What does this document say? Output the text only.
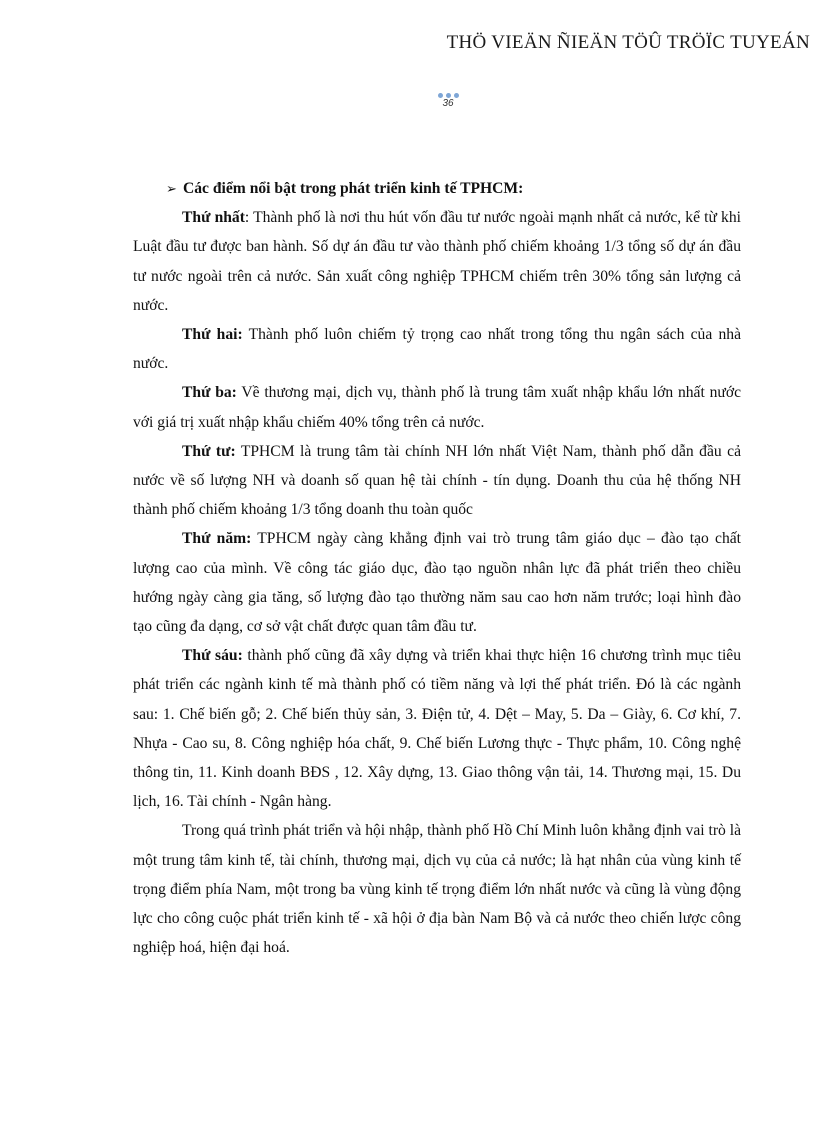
THÖ VIEÄN ÑIEÄN TÖÛ TRÖÏC TUYEÁN
36

➢ Các điểm nổi bật trong phát triển kinh tế TPHCM:

Thứ nhất: Thành phố là nơi thu hút vốn đầu tư nước ngoài mạnh nhất cả nước, kể từ khi Luật đầu tư được ban hành. Số dự án đầu tư vào thành phố chiếm khoảng 1/3 tổng số dự án đầu tư nước ngoài trên cả nước. Sản xuất công nghiệp TPHCM chiếm trên 30% tổng sản lượng cả nước.

Thứ hai: Thành phố luôn chiếm tỷ trọng cao nhất trong tổng thu ngân sách của nhà nước.

Thứ ba: Về thương mại, dịch vụ, thành phố là trung tâm xuất nhập khẩu lớn nhất nước với giá trị xuất nhập khẩu chiếm 40% tổng trên cả nước.

Thứ tư: TPHCM là trung tâm tài chính NH lớn nhất Việt Nam, thành phố dẫn đầu cả nước về số lượng NH và doanh số quan hệ tài chính - tín dụng. Doanh thu của hệ thống NH thành phố chiếm khoảng 1/3 tổng doanh thu toàn quốc

Thứ năm: TPHCM ngày càng khẳng định vai trò trung tâm giáo dục – đào tạo chất lượng cao của mình. Về công tác giáo dục, đào tạo nguồn nhân lực đã phát triển theo chiều hướng ngày càng gia tăng, số lượng đào tạo thường năm sau cao hơn năm trước; loại hình đào tạo cũng đa dạng, cơ sở vật chất được quan tâm đầu tư.

Thứ sáu: thành phố cũng đã xây dựng và triển khai thực hiện 16 chương trình mục tiêu phát triển các ngành kinh tế mà thành phố có tiềm năng và lợi thế phát triển. Đó là các ngành sau: 1. Chế biến gỗ; 2. Chế biến thủy sản, 3. Điện tử, 4. Dệt – May, 5. Da – Giày, 6. Cơ khí, 7. Nhựa - Cao su, 8. Công nghiệp hóa chất, 9. Chế biến Lương thực - Thực phẩm, 10. Công nghệ thông tin, 11. Kinh doanh BĐS , 12. Xây dựng, 13. Giao thông vận tải, 14. Thương mại, 15. Du lịch, 16. Tài chính - Ngân hàng.

Trong quá trình phát triển và hội nhập, thành phố Hồ Chí Minh luôn khẳng định vai trò là một trung tâm kinh tế, tài chính, thương mại, dịch vụ của cả nước; là hạt nhân của vùng kinh tế trọng điểm phía Nam, một trong ba vùng kinh tế trọng điểm lớn nhất nước và cũng là vùng động lực cho công cuộc phát triển kinh tế - xã hội ở địa bàn Nam Bộ và cả nước theo chiến lược công nghiệp hoá, hiện đại hoá.
